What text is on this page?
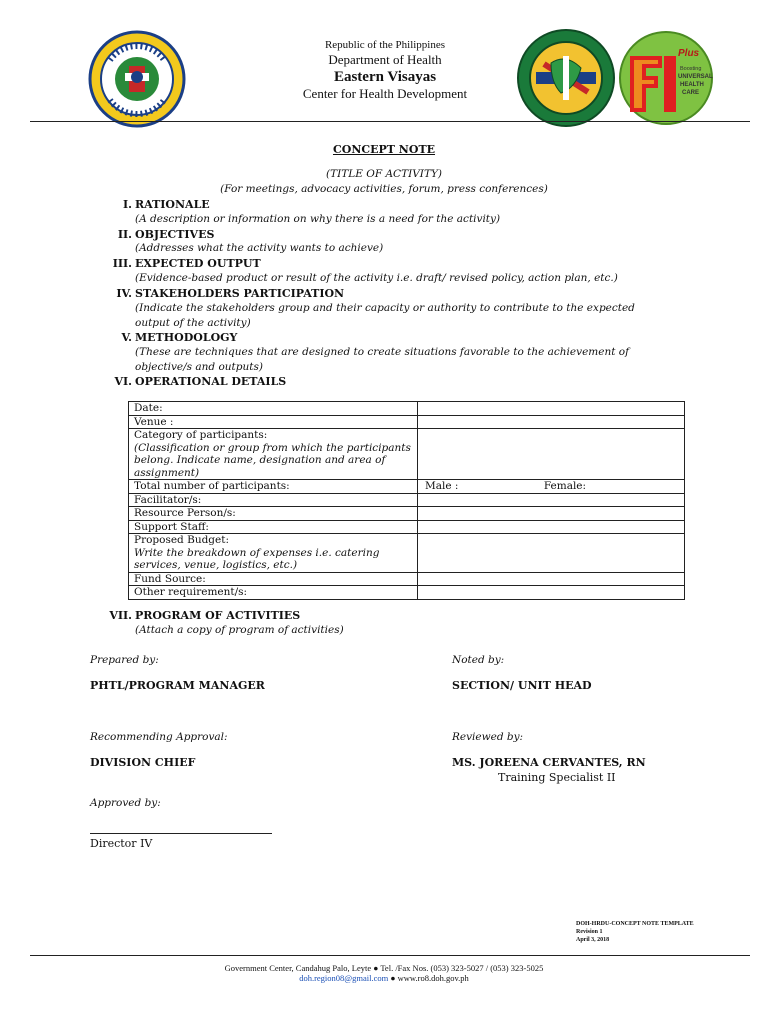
Republic of the Philippines
Department of Health
Eastern Visayas
Center for Health Development
Plus
Boosting
UNIVERSAL
HEALTH
CARE
CONCEPT NOTE
(TITLE OF ACTIVITY)
(For meetings, advocacy activities, forum, press conferences)
I. RATIONALE
(A description or information on why there is a need for the activity)
II. OBJECTIVES
(Addresses what the activity wants to achieve)
III. EXPECTED OUTPUT
(Evidence-based product or result of the activity i.e. draft/ revised policy, action plan, etc.)
IV. STAKEHOLDERS PARTICIPATION
(Indicate the stakeholders group and their capacity or authority to contribute to the expected output of the activity)
V. METHODOLOGY
(These are techniques that are designed to create situations favorable to the achievement of objective/s and outputs)
VI. OPERATIONAL DETAILS
Date:	
Venue :	

Category of participants:
(Classification or group from which the participants belong. Indicate name, designation and area of assignment)	

Total number of participants:	Male : Female:
Facilitator/s:	
Resource Person/s:	
Support Staff:	

Proposed Budget:
Write the breakdown of expenses i.e. catering services, venue, logistics, etc.)	

Fund Source:	
Other requirement/s:	
VII. PROGRAM OF ACTIVITIES
(Attach a copy of program of activities)
Prepared by:
PHTL/PROGRAM MANAGER
Noted by:
SECTION/ UNIT HEAD
Recommending Approval:
DIVISION CHIEF
Reviewed by:
MS. JOREENA CERVANTES, RN
Training Specialist II
Approved by:
Director IV
DOH-HRDU-CONCEPT NOTE TEMPLATE
Revision 1
April 3, 2018
Government Center, Candahug Palo, Leyte ● Tel. /Fax Nos. (053) 323-5027 / (053) 323-5025
doh.region08@gmail.com ● www.ro8.doh.gov.ph
